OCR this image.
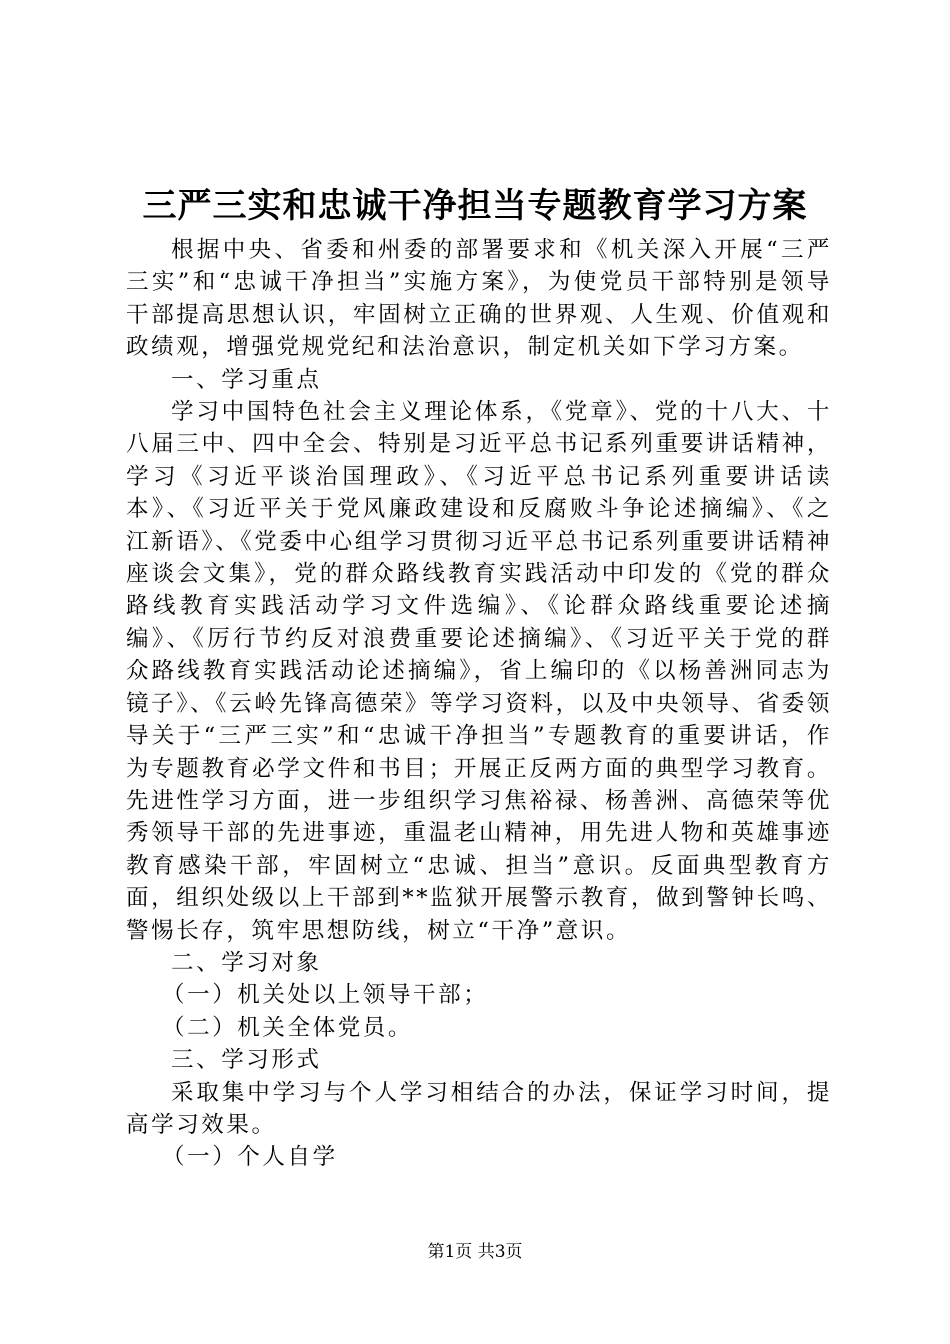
三严三实和忠诚干净担当专题教育学习方案

根据中央、省委和州委的部署要求和《机关深入开展“三严三实”和“忠诚干净担当”实施方案》，为使党员干部特别是领导干部提高思想认识，牢固树立正确的世界观、人生观、价值观和政绩观，增强党规党纪和法治意识，制定机关如下学习方案。

一、学习重点

学习中国特色社会主义理论体系，《党章》、党的十八大、十八届三中、四中全会、特别是习近平总书记系列重要讲话精神，学习《习近平谈治国理政》、《习近平总书记系列重要讲话读本》、《习近平关于党风廉政建设和反腐败斗争论述摘编》、《之江新语》、《党委中心组学习贯彻习近平总书记系列重要讲话精神座谈会文集》，党的群众路线教育实践活动中印发的《党的群众路线教育实践活动学习文件选编》、《论群众路线重要论述摘编》、《厉行节约反对浪费重要论述摘编》、《习近平关于党的群众路线教育实践活动论述摘编》，省上编印的《以杨善洲同志为镜子》、《云岭先锋高德荣》等学习资料，以及中央领导、省委领导关于“三严三实”和“忠诚干净担当”专题教育的重要讲话，作为专题教育必学文件和书目；开展正反两方面的典型学习教育。先进性学习方面，进一步组织学习焦裕禄、杨善洲、高德荣等优秀领导干部的先进事迹，重温老山精神，用先进人物和英雄事迹教育感染干部，牢固树立“忠诚、担当”意识。反面典型教育方面，组织处级以上干部到**监狱开展警示教育，做到警钟长鸣、警惕长存，筑牢思想防线，树立“干净”意识。

二、学习对象

（一）机关处以上领导干部；

（二）机关全体党员。

三、学习形式

采取集中学习与个人学习相结合的办法，保证学习时间，提高学习效果。

（一）个人自学

第1页 共3页
